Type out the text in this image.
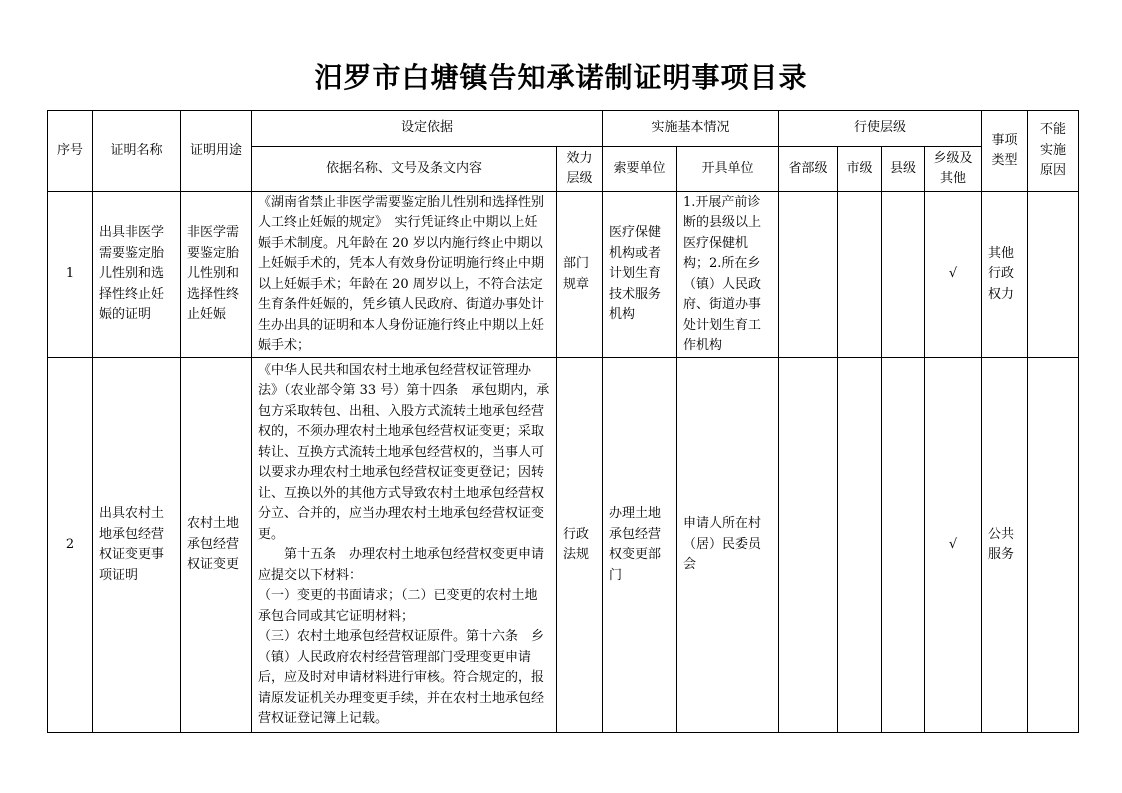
汨罗市白塘镇告知承诺制证明事项目录
序号	证明名称	证明用途	设定依据		实施基本情况		行使层级				事项类型	不能实施原因
			依据名称、文号及条文内容	效力层级	索要单位	开具单位	省部级	市级	县级	乡级及其他		
1	出具非医学需要鉴定胎儿性别和选择性终止妊娠的证明	非医学需要鉴定胎儿性别和选择性终止妊娠	《湖南省禁止非医学需要鉴定胎儿性别和选择性别人工终止妊娠的规定》　实行凭证终止中期以上妊娠手术制度。凡年龄在 20 岁以内施行终止中期以上妊娠手术的，凭本人有效身份证明施行终止中期以上妊娠手术；年龄在 20 周岁以上，不符合法定生育条件妊娠的，凭乡镇人民政府、街道办事处计生办出具的证明和本人身份证施行终止中期以上妊娠手术；	部门规章	医疗保健机构或者计划生育技术服务机构	1.开展产前诊断的县级以上医疗保健机构；2.所在乡（镇）人民政府、街道办事处计划生育工作机构				√	其他行政权力	
2	出具农村土地承包经营权证变更事项证明	农村土地承包经营权证变更	《中华人民共和国农村土地承包经营权证管理办法》（农业部令第 33 号）第十四条　承包期内，承包方采取转包、出租、入股方式流转土地承包经营权的，不须办理农村土地承包经营权证变更；采取转让、互换方式流转土地承包经营权的，当事人可以要求办理农村土地承包经营权证变更登记；因转让、互换以外的其他方式导致农村土地承包经营权分立、合并的，应当办理农村土地承包经营权证变更。
第十五条　办理农村土地承包经营权变更申请应提交以下材料：
（一）变更的书面请求；（二）已变更的农村土地承包合同或其它证明材料；
（三）农村土地承包经营权证原件。第十六条　乡（镇）人民政府农村经营管理部门受理变更申请后，应及时对申请材料进行审核。符合规定的，报请原发证机关办理变更手续，并在农村土地承包经营权证登记簿上记载。	行政法规	办理土地承包经营权变更部门	申请人所在村（居）民委员会				√	公共服务	
